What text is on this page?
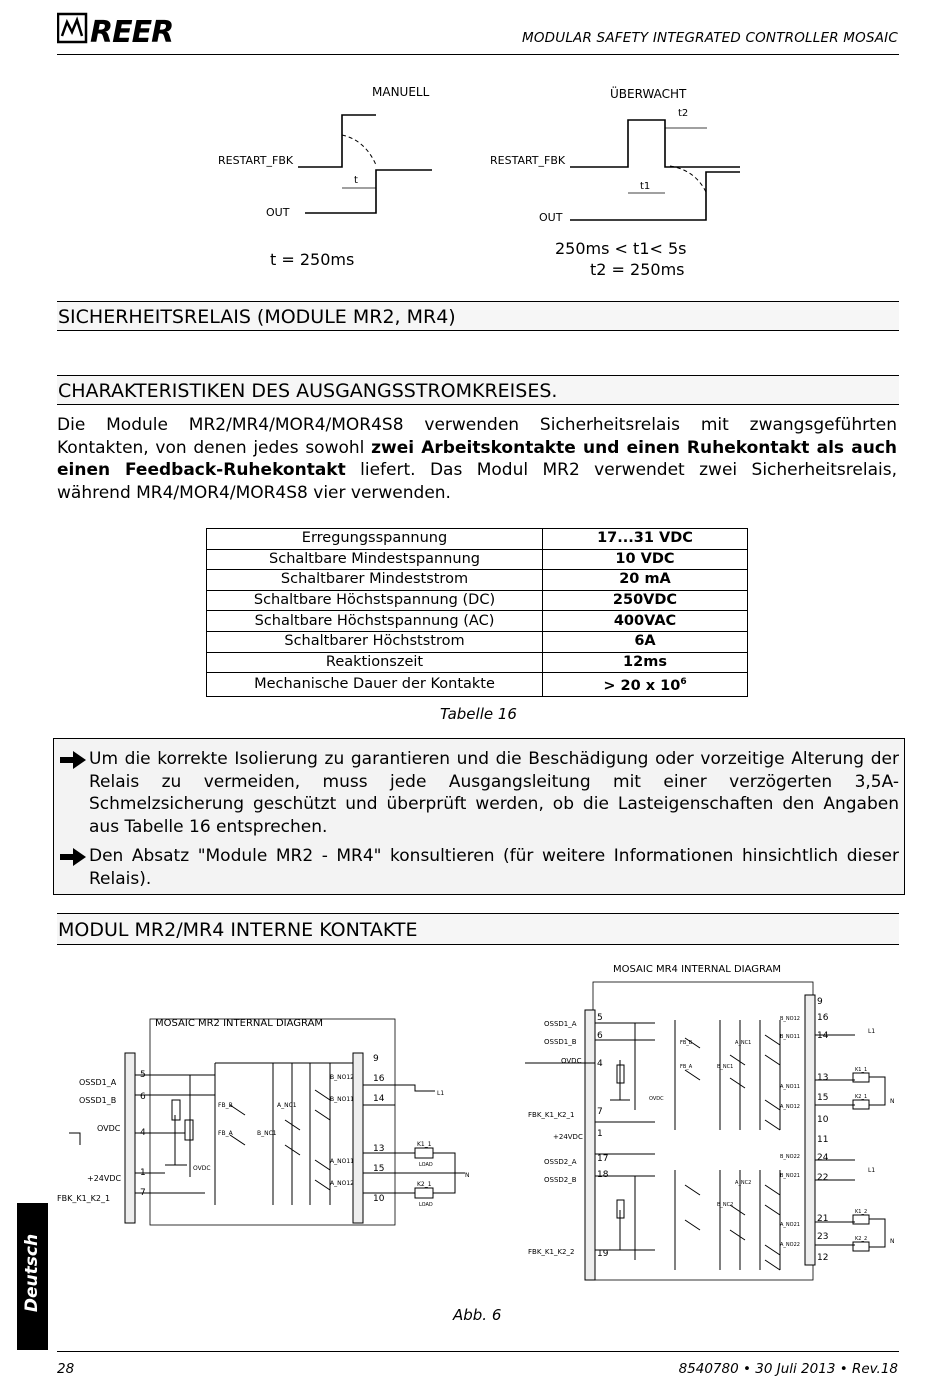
REER	MODULAR SAFETY INTEGRATED CONTROLLER MOSAIC
MANUELL
RESTART_FBK
OUT
t
ÜBERWACHT
t2
RESTART_FBK
t1
OUT
t = 250ms
250ms < t1< 5s
t2 = 250ms
SICHERHEITSRELAIS (MODULE MR2, MR4)
CHARAKTERISTIKEN DES AUSGANGSSTROMKREISES.
Die Module MR2/MR4/MOR4/MOR4S8 verwenden Sicherheitsrelais mit zwangsgeführten Kontakten, von denen jedes sowohl zwei Arbeitskontakte und einen Ruhekontakt als auch einen Feedback-Ruhekontakt liefert. Das Modul MR2 verwendet zwei Sicherheitsrelais, während MR4/MOR4/MOR4S8 vier verwenden.
Erregungsspannung	17...31 VDC
Schaltbare Mindestspannung	10 VDC
Schaltbarer Mindeststrom	20 mA
Schaltbare Höchstspannung (DC)	250VDC
Schaltbare Höchstspannung (AC)	400VAC
Schaltbarer Höchststrom	6A
Reaktionszeit	12ms
Mechanische Dauer der Kontakte	> 20 x $10^6$
Tabelle 16
Um die korrekte Isolierung zu garantieren und die Beschädigung oder vorzeitige Alterung der Relais zu vermeiden, muss jede Ausgangsleitung mit einer verzögerten 3,5A-Schmelzsicherung geschützt und überprüft werden, ob die Lasteigenschaften den Angaben aus Tabelle 16 entsprechen.
Den Absatz "Module MR2 - MR4" konsultieren (für weitere Informationen hinsichtlich dieser Relais).
MODUL MR2/MR4 INTERNE KONTAKTE
MOSAIC MR2 INTERNAL DIAGRAM
OSSD1_A
OSSD1_B
OVDC
+24VDC
FBK_K1_K2_1
5
6
4
1
7
9
16
14
13
15
10
FB_B
FB_A
A_NC1
B_NC1
B_NO12
B_NO11
A_NO11
A_NO12
OVDC
K1_1
LOAD
K2_1
LOAD
L1
N
MOSAIC MR4 INTERNAL DIAGRAM
OSSD1_A
OSSD1_B
OVDC
FBK_K1_K2_1
+24VDC
OSSD2_A
OSSD2_B
FBK_K1_K2_2
5
6
4
7
1
17
18
19
9
16
14
13
15
10
11
24
22
21
23
12
FB_B
FB_A
A_NC1
B_NC1
B_NO12
B_NO11
A_NO11
A_NO12
OVDC
A_NC2
B_NC2
B_NO22
B_NO21
A_NO21
A_NO22
K1_1
K2_1
K1_2
K2_2
L1
L1
N
N
Abb. 6
Deutsch
28	8540780 • 30 Juli 2013 • Rev.18
